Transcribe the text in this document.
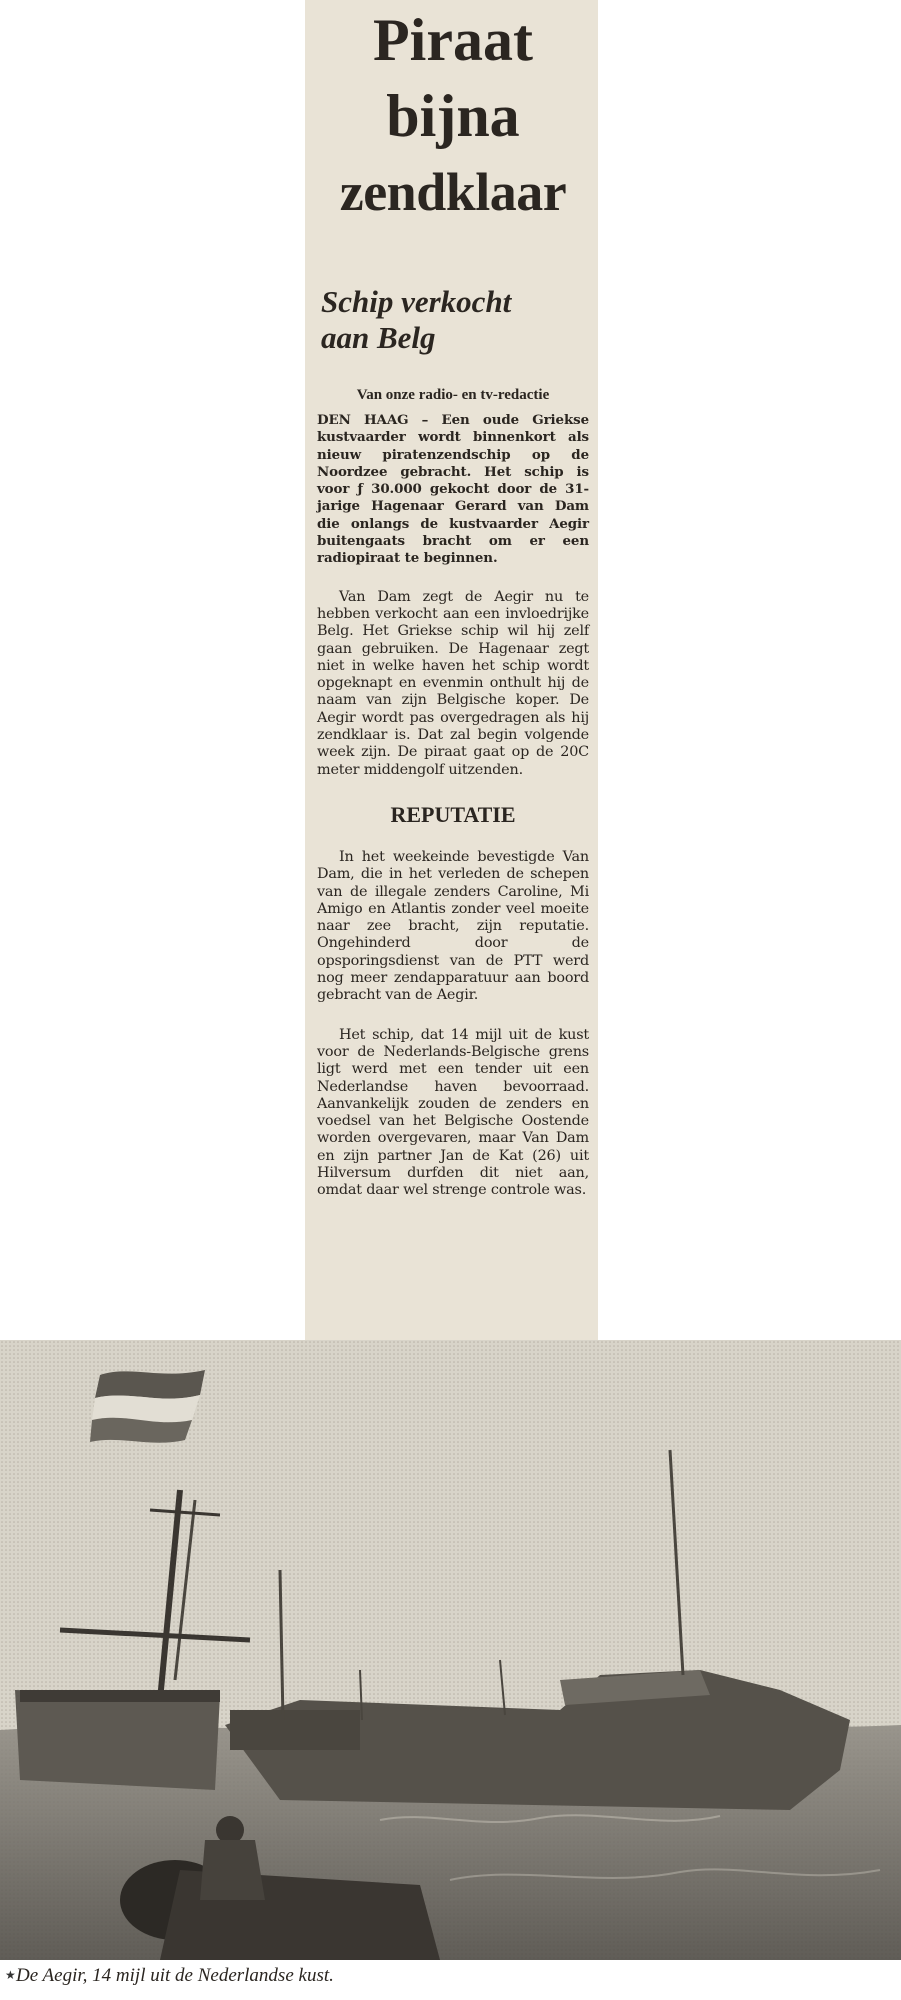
Piraat
bijna
zendklaar
Schip verkocht
aan Belg
Van onze radio- en tv-redactie
DEN HAAG – Een oude Griekse kustvaarder wordt binnenkort als nieuw piratenzendschip op de Noordzee gebracht. Het schip is voor ƒ 30.000 gekocht door de 31-jarige Hagenaar Gerard van Dam die onlangs de kustvaarder Aegir buitengaats bracht om er een radiopiraat te beginnen.

Van Dam zegt de Aegir nu te hebben verkocht aan een invloedrijke Belg. Het Griekse schip wil hij zelf gaan gebruiken. De Hagenaar zegt niet in welke haven het schip wordt opgeknapt en evenmin onthult hij de naam van zijn Belgische koper. De Aegir wordt pas overgedragen als hij zendklaar is. Dat zal begin volgende week zijn. De piraat gaat op de 20C meter middengolf uitzenden.

REPUTATIE

In het weekeinde bevestigde Van Dam, die in het verleden de schepen van de illegale zenders Caroline, Mi Amigo en Atlantis zonder veel moeite naar zee bracht, zijn reputatie. Ongehinderd door de opsporingsdienst van de PTT werd nog meer zendapparatuur aan boord gebracht van de Aegir.

Het schip, dat 14 mijl uit de kust voor de Nederlands-Belgische grens ligt werd met een tender uit een Nederlandse haven bevoorraad. Aanvankelijk zouden de zenders en voedsel van het Belgische Oostende worden overgevaren, maar Van Dam en zijn partner Jan de Kat (26) uit Hilversum durfden dit niet aan, omdat daar wel strenge controle was.

★ De Aegir, 14 mijl uit de Nederlandse kust.
